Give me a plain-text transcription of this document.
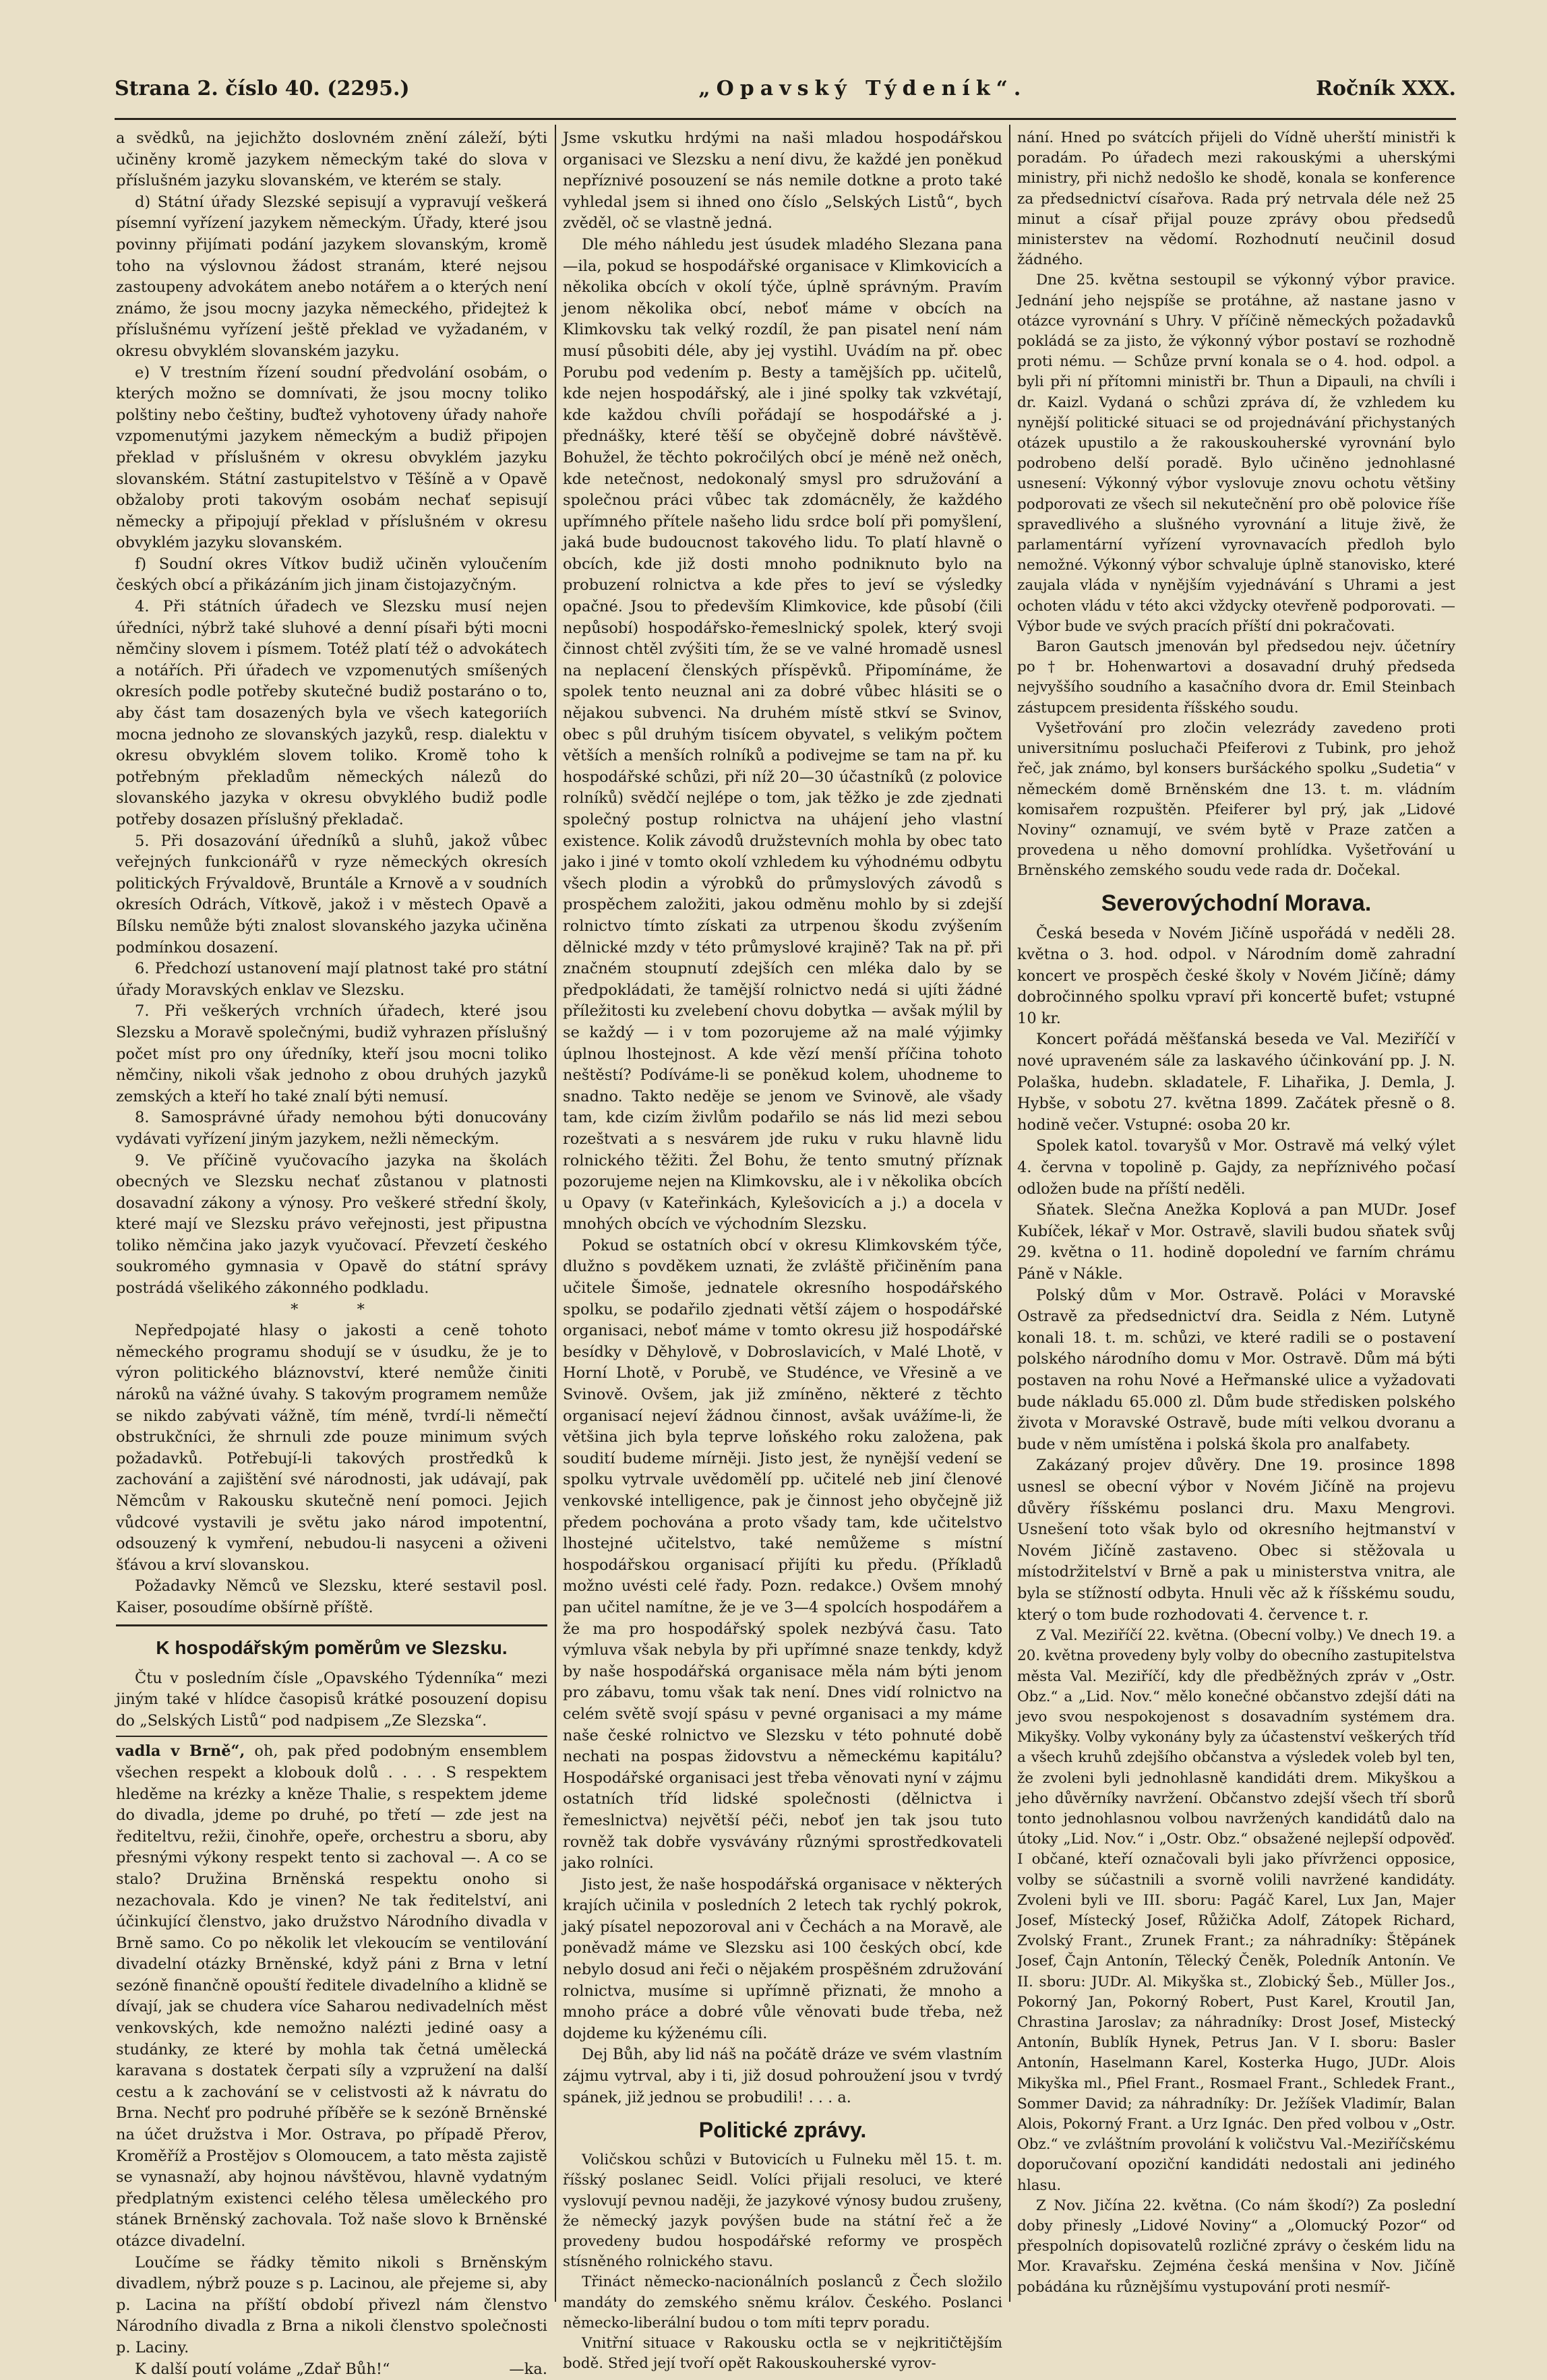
Strana 2. číslo 40. (2295.)	„Opavský Týdeník“.	Ročník XXX.

a svědků, na jejichžto doslovném znění záleží, býti učiněny kromě jazykem německým také do slova v příslušném jazyku slovanském, ve kterém se staly.

d) Státní úřady Slezské sepisují a vypravují veškerá písemní vyřízení jazykem německým. Úřady, které jsou povinny přijímati podání jazykem slovanským, kromě toho na výslovnou žádost stranám, které nejsou zastoupeny advokátem anebo notářem a o kterých není známo, že jsou mocny jazyka německého, přidejteż k příslušnému vyřízení ještě překlad ve vyžadaném, v okresu obvyklém slovanském jazyku.

e) V trestním řízení soudní předvolání osobám, o kterých možno se domnívati, že jsou mocny toliko polštiny nebo češtiny, buďtež vyhotoveny úřady nahoře vzpomenutými jazykem německým a budiž připojen překlad v příslušném v okresu obvyklém jazyku slovanském. Státní zastupitelstvo v Těšíně a v Opavě obžaloby proti takovým osobám nechať sepisují německy a připojují překlad v příslušném v okresu obvyklém jazyku slovanském.

f) Soudní okres Vítkov budiž učiněn vyloučením českých obcí a přikázáním jich jinam čistojazyčným.

4. Při státních úřadech ve Slezsku musí nejen úředníci, nýbrž také sluhové a denní písaři býti mocni němčiny slovem i písmem. Totéž platí též o advokátech a notářích. Při úřadech ve vzpomenutých smíšených okresích podle potřeby skutečné budiž postaráno o to, aby část tam dosazených byla ve všech kategoriích mocna jednoho ze slovanských jazyků, resp. dialektu v okresu obvyklém slovem toliko. Kromě toho k potřebným překladům německých nálezů do slovanského jazyka v okresu obvyklého budiž podle potřeby dosazen příslušný překladač.

5. Při dosazování úředníků a sluhů, jakož vůbec veřejných funkcionářů v ryze německých okresích politických Frývaldově, Bruntále a Krnově a v soudních okresích Odrách, Vítkově, jakož i v městech Opavě a Bílsku nemůže býti znalost slovanského jazyka učiněna podmínkou dosazení.

6. Předchozí ustanovení mají platnost také pro státní úřady Moravských enklav ve Slezsku.

7. Při veškerých vrchních úřadech, které jsou Slezsku a Moravě společnými, budiž vyhrazen příslušný počet míst pro ony úředníky, kteří jsou mocni toliko němčiny, nikoli však jednoho z obou druhých jazyků zemských a kteří ho také znalí býti nemusí.

8. Samosprávné úřady nemohou býti donucovány vydávati vyřízení jiným jazykem, nežli německým.

9. Ve příčině vyučovacího jazyka na školách obecných ve Slezsku nechať zůstanou v platnosti dosavadní zákony a výnosy. Pro veškeré střední školy, které mají ve Slezsku právo veřejnosti, jest připustna toliko němčina jako jazyk vyučovací. Převzetí českého soukromého gymnasia v Opavě do státní správy postrádá všelikého zákonného podkladu.

* *

Nepředpojaté hlasy o jakosti a ceně tohoto německého programu shodují se v úsudku, že je to výron politického bláznovství, které nemůže činiti nároků na vážné úvahy. S takovým programem nemůže se nikdo zabývati vážně, tím méně, tvrdí-li němečtí obstrukčníci, že shrnuli zde pouze minimum svých požadavků. Potřebují-li takových prostředků k zachování a zajištění své národnosti, jak udávají, pak Němcům v Rakousku skutečně není pomoci. Jejich vůdcové vystavili je světu jako národ impotentní, odsouzený k vymření, nebudou-li nasyceni a oživeni šťávou a krví slovanskou.

Požadavky Němců ve Slezsku, které sestavil posl. Kaiser, posoudíme obšírně příště.

K hospodářským poměrům ve Slezsku.

Čtu v posledním čísle „Opavského Týdenníka“ mezi jiným také v hlídce časopisů krátké posouzení dopisu do „Selských Listů“ pod nadpisem „Ze Slezska“.

vadla v Brně“, oh, pak před podobným ensemblem všechen respekt a klobouk dolů . . . . S respektem hleděme na krézky a kněze Thalie, s respektem jdeme do divadla, jdeme po druhé, po třetí — zde jest na řediteltvu, režii, činohře, opeře, orchestru a sboru, aby přesnými výkony respekt tento si zachoval —. A co se stalo? Družina Brněnská respektu onoho si nezachovala. Kdo je vinen? Ne tak ředitelství, ani účinkující členstvo, jako družstvo Národního divadla v Brně samo. Co po několik let vlekoucím se ventilování divadelní otázky Brněnské, když páni z Brna v letní sezóně finančně opouští ředitele divadelního a klidně se dívají, jak se chudera více Saharou nedivadelních měst venkovských, kde nemožno nalézti jediné oasy a studánky, ze které by mohla tak četná umělecká karavana s dostatek čerpati síly a vzpružení na další cestu a k zachování se v celistvosti až k návratu do Brna. Nechť pro podruhé příběře se k sezóně Brněnské na účet družstva i Mor. Ostrava, po případě Přerov, Kroměříž a Prostějov s Olomoucem, a tato města zajistě se vynasnaží, aby hojnou návštěvou, hlavně vydatným předplatným existenci celého tělesa uměleckého pro stánek Brněnský zachovala. Tož naše slovo k Brněnské otázce divadelní.

Loučíme se řádky těmito nikoli s Brněnským divadlem, nýbrž pouze s p. Lacinou, ale přejeme si, aby p. Lacina na příští období přivezl nám členstvo Národního divadla z Brna a nikoli členstvo společnosti p. Laciny.

K další poutí voláme „Zdař Bůh!“	—ka.

Jsme vskutku hrdými na naši mladou hospodářskou organisaci ve Slezsku a není divu, že každé jen poněkud nepříznivé posouzení se nás nemile dotkne a proto také vyhledal jsem si ihned ono číslo „Selských Listů“, bych zvěděl, oč se vlastně jedná.

Dle mého náhledu jest úsudek mladého Slezana pana —ila, pokud se hospodářské organisace v Klimkovicích a několika obcích v okolí týče, úplně správným. Pravím jenom několika obcí, neboť máme v obcích na Klimkovsku tak velký rozdíl, že pan pisatel není nám musí působiti déle, aby jej vystihl. Uvádím na př. obec Porubu pod vedením p. Besty a tamějších pp. učitelů, kde nejen hospodářský, ale i jiné spolky tak vzkvétají, kde každou chvíli pořádají se hospodářské a j. přednášky, které těší se obyčejně dobré návštěvě. Bohužel, že těchto pokročilých obcí je méně než oněch, kde netečnost, nedokonalý smysl pro sdružování a společnou práci vůbec tak zdomácněly, že každého upřímného přítele našeho lidu srdce bolí při pomyšlení, jaká bude budoucnost takového lidu. To platí hlavně o obcích, kde již dosti mnoho podniknuto bylo na probuzení rolnictva a kde přes to jeví se výsledky opačné. Jsou to především Klimkovice, kde působí (čili nepůsobí) hospodářsko-řemeslnický spolek, který svoji činnost chtěl zvýšiti tím, že se ve valné hromadě usnesl na neplacení členských příspěvků. Připomínáme, že spolek tento neuznal ani za dobré vůbec hlásiti se o nějakou subvenci. Na druhém místě stkví se Svinov, obec s půl druhým tisícem obyvatel, s velikým počtem větších a menších rolníků a podivejme se tam na př. ku hospodářské schůzi, při níž 20—30 účastníků (z polovice rolníků) svědčí nejlépe o tom, jak těžko je zde zjednati společný postup rolnictva na uhájení jeho vlastní existence. Kolik závodů družstevních mohla by obec tato jako i jiné v tomto okolí vzhledem ku výhodnému odbytu všech plodin a výrobků do průmyslových závodů s prospěchem založiti, jakou odměnu mohlo by si zdejší rolnictvo tímto získati za utrpenou škodu zvýšením dělnické mzdy v této průmyslové krajině? Tak na př. při značném stoupnutí zdejších cen mléka dalo by se předpokládati, že tamější rolnictvo nedá si ujíti žádné příležitosti ku zvelebení chovu dobytka — avšak mýlil by se každý — i v tom pozorujeme až na malé výjimky úplnou lhostejnost. A kde vězí menší příčina tohoto neštěstí? Podíváme-li se poněkud kolem, uhodneme to snadno. Takto neděje se jenom ve Svinově, ale všady tam, kde cizím živlům podařilo se nás lid mezi sebou rozeštvati a s nesvárem jde ruku v ruku hlavně lidu rolnického těžiti. Žel Bohu, že tento smutný příznak pozorujeme nejen na Klimkovsku, ale i v několika obcích u Opavy (v Kateřinkách, Kylešovicích a j.) a docela v mnohých obcích ve východním Slezsku.

Pokud se ostatních obcí v okresu Klimkovském týče, dlužno s povděkem uznati, že zvláště přičiněním pana učitele Šimoše, jednatele okresního hospodářského spolku, se podařilo zjednati větší zájem o hospodářské organisaci, neboť máme v tomto okresu již hospodářské besídky v Děhylově, v Dobroslavicích, v Malé Lhotě, v Horní Lhotě, v Porubě, ve Studénce, ve Vřesině a ve Svinově. Ovšem, jak již zmíněno, některé z těchto organisací nejeví žádnou činnost, avšak uvážíme-li, že většina jich byla teprve loňského roku založena, pak soudití budeme mírněji. Jisto jest, že nynější vedení se spolku vytrvale uvědomělí pp. učitelé neb jiní členové venkovské intelligence, pak je činnost jeho obyčejně již předem pochována a proto všady tam, kde učitelstvo lhostejné učitelstvo, také nemůžeme s místní hospodářskou organisací přijíti ku předu. (Příkladů možno uvésti celé řady. Pozn. redakce.) Ovšem mnohý pan učitel namítne, že je ve 3—4 spolcích hospodářem a že ma pro hospodářský spolek nezbývá času. Tato výmluva však nebyla by při upřímné snaze tenkdy, když by naše hospodářská organisace měla nám býti jenom pro zábavu, tomu však tak není. Dnes vidí rolnictvo na celém světě svojí spásu v pevné organisaci a my máme naše české rolnictvo ve Slezsku v této pohnuté době nechati na pospas židovstvu a německému kapitálu? Hospodářské organisaci jest třeba věnovati nyní v zájmu ostatních tříd lidské společnosti (dělnictva i řemeslnictva) největší péči, neboť jen tak jsou tuto rovněž tak dobře vysvávány různými sprostředkovateli jako rolníci.

Jisto jest, že naše hospodářská organisace v některých krajích učinila v posledních 2 letech tak rychlý pokrok, jaký písatel nepozoroval ani v Čechách a na Moravě, ale poněvadž máme ve Slezsku asi 100 českých obcí, kde nebylo dosud ani řeči o nějakém prospěšném združování rolnictva, musíme si upřímně přiznati, že mnoho a mnoho práce a dobré vůle věnovati bude třeba, než dojdeme ku kýženému cíli.

Dej Bůh, aby lid náš na počátě dráze ve svém vlastním zájmu vytrval, aby i ti, již dosud pohroužení jsou v tvrdý spánek, již jednou se probudili! . . . a.

Politické zprávy.

Voličskou schůzi v Butovicích u Fulneku měl 15. t. m. říšský poslanec Seidl. Volíci přijali resoluci, ve které vyslovují pevnou naději, že jazykové výnosy budou zrušeny, že německý jazyk povýšen bude na státní řeč a že provedeny budou hospodářské reformy ve prospěch stísněného rolnického stavu.

Třináct německo-nacionálních poslanců z Čech složilo mandáty do zemského sněmu králov. Českého. Poslanci německo-liberální budou o tom míti teprv poradu.

Vnitřní situace v Rakousku octla se v nejkritičtějším bodě. Střed její tvoří opět Rakouskouherské vyrov-

nání. Hned po svátcích přijeli do Vídně uherští ministři k poradám. Po úřadech mezi rakouskými a uherskými ministry, při nichž nedošlo ke shodě, konala se konference za předsednictví císařova. Rada prý netrvala déle než 25 minut a císař přijal pouze zprávy obou předsedů ministerstev na vědomí. Rozhodnutí neučinil dosud žádného.

Dne 25. května sestoupil se výkonný výbor pravice. Jednání jeho nejspíše se protáhne, až nastane jasno v otázce vyrovnání s Uhry. V příčině německých požadavků pokládá se za jisto, že výkonný výbor postaví se rozhodně proti nému. — Schůze první konala se o 4. hod. odpol. a byli při ní přítomni ministři br. Thun a Dipauli, na chvíli i dr. Kaizl. Vydaná o schůzi zpráva dí, že vzhledem ku nynější politické situaci se od projednávání přichystaných otázek upustilo a že rakouskouherské vyrovnání bylo podrobeno delší poradě. Bylo učiněno jednohlasné usnesení: Výkonný výbor vyslovuje znovu ochotu většiny podporovati ze všech sil nekutečnění pro obě polovice říše spravedlivého a slušného vyrovnání a lituje živě, že parlamentární vyřízení vyrovnavacích předloh bylo nemožné. Výkonný výbor schvaluje úplně stanovisko, které zaujala vláda v nynějším vyjednávání s Uhrami a jest ochoten vládu v této akci vždycky otevřeně podporovati. — Výbor bude ve svých pracích příští dni pokračovati.

Baron Gautsch jmenován byl předsedou nejv. účetníry po † br. Hohenwartovi a dosavadní druhý předseda nejvyššího soudního a kasačního dvora dr. Emil Steinbach zástupcem presidenta říšského soudu.

Vyšetřování pro zločin velezrády zavedeno proti universitnímu posluchači Pfeiferovi z Tubink, pro jehož řeč, jak známo, byl konsers buršáckého spolku „Sudetia“ v německém domě Brněnském dne 13. t. m. vládním komisařem rozpuštěn. Pfeiferer byl prý, jak „Lidové Noviny“ oznamují, ve svém bytě v Praze zatčen a provedena u něho domovní prohlídka. Vyšetřování u Brněnského zemského soudu vede rada dr. Dočekal.

Severovýchodní Morava.

Česká beseda v Novém Jičíně uspořádá v neděli 28. května o 3. hod. odpol. v Národním domě zahradní koncert ve prospěch české školy v Novém Jičíně; dámy dobročinného spolku vpraví při koncertě bufet; vstupné 10 kr.

Koncert pořádá měšťanská beseda ve Val. Meziříčí v nové upraveném sále za laskavého účinkování pp. J. N. Polaška, hudebn. skladatele, F. Lihařika, J. Demla, J. Hybše, v sobotu 27. května 1899. Začátek přesně o 8. hodině večer. Vstupné: osoba 20 kr.

Spolek katol. tovaryšů v Mor. Ostravě má velký výlet 4. června v topolině p. Gajdy, za nepříznivého počasí odložen bude na příští neděli.

Sňatek. Slečna Anežka Koplová a pan MUDr. Josef Kubíček, lékař v Mor. Ostravě, slavili budou sňatek svůj 29. května o 11. hodině dopolední ve farním chrámu Páně v Nákle.

Polský dům v Mor. Ostravě. Poláci v Moravské Ostravě za předsednictví dra. Seidla z Ném. Lutyně konali 18. t. m. schůzi, ve které radili se o postavení polského národního domu v Mor. Ostravě. Dům má býti postaven na rohu Nové a Heřmanské ulice a vyžadovati bude nákladu 65.000 zl. Dům bude středisken polského života v Moravské Ostravě, bude míti velkou dvoranu a bude v něm umístěna i polská škola pro analfabety.

Zakázaný projev důvěry. Dne 19. prosince 1898 usnesl se obecní výbor v Novém Jičíně na projevu důvěry říšskému poslanci dru. Maxu Mengrovi. Usnešení toto však bylo od okresního hejtmanství v Novém Jičíně zastaveno. Obec si stěžovala u místodržitelství v Brně a pak u ministerstva vnitra, ale byla se stížností odbyta. Hnuli věc až k říšskému soudu, který o tom bude rozhodovati 4. července t. r.

Z Val. Meziříčí 22. května. (Obecní volby.) Ve dnech 19. a 20. května provedeny byly volby do obecního zastupitelstva města Val. Meziříčí, kdy dle předběžných zpráv v „Ostr. Obz.“ a „Lid. Nov.“ mělo konečné občanstvo zdejší dáti na jevo svou nespokojenost s dosavadním systémem dra. Mikyšky. Volby vykonány byly za účastenství veškerých tříd a všech kruhů zdejšího občanstva a výsledek voleb byl ten, že zvoleni byli jednohlasně kandidáti drem. Mikyškou a jeho důvěrníky navržení. Občanstvo zdejší všech tří sborů tonto jednohlasnou volbou navržených kandidátů dalo na útoky „Lid. Nov.“ i „Ostr. Obz.“ obsažené nejlepší odpověď. I občané, kteří označovali byli jako přívrženci opposice, volby se súčastnili a svorně volili navržené kandidáty. Zvoleni byli ve III. sboru: Pagáč Karel, Lux Jan, Majer Josef, Místecký Josef, Růžička Adolf, Zátopek Richard, Zvolský Frant., Zrunek Frant.; za náhradníky: Štěpánek Josef, Čajn Antonín, Tělecký Čeněk, Poledník Antonín. Ve II. sboru: JUDr. Al. Mikyška st., Zlobický Šeb., Müller Jos., Pokorný Jan, Pokorný Robert, Pust Karel, Kroutil Jan, Chrastina Jaroslav; za náhradníky: Drost Josef, Mistecký Antonín, Bublík Hynek, Petrus Jan. V I. sboru: Basler Antonín, Haselmann Karel, Kosterka Hugo, JUDr. Alois Mikyška ml., Pfiel Frant., Rosmael Frant., Schledek Frant., Sommer David; za náhradníky: Dr. Ježíšek Vladimír, Balan Alois, Pokorný Frant. a Urz Ignác. Den před volbou v „Ostr. Obz.“ ve zvláštním provolání k voličstvu Val.-Meziříčskému doporučovaní opoziční kandidáti nedostali ani jediného hlasu.

Z Nov. Jičína 22. května. (Co nám škodí?) Za poslední doby přinesly „Lidové Noviny“ a „Olomucký Pozor“ od přespolních dopisovatelů rozličné zprávy o českém lidu na Mor. Kravařsku. Zejména česká menšina v Nov. Jičíně pobádána ku různějšímu vystupování proti nesmíř-
